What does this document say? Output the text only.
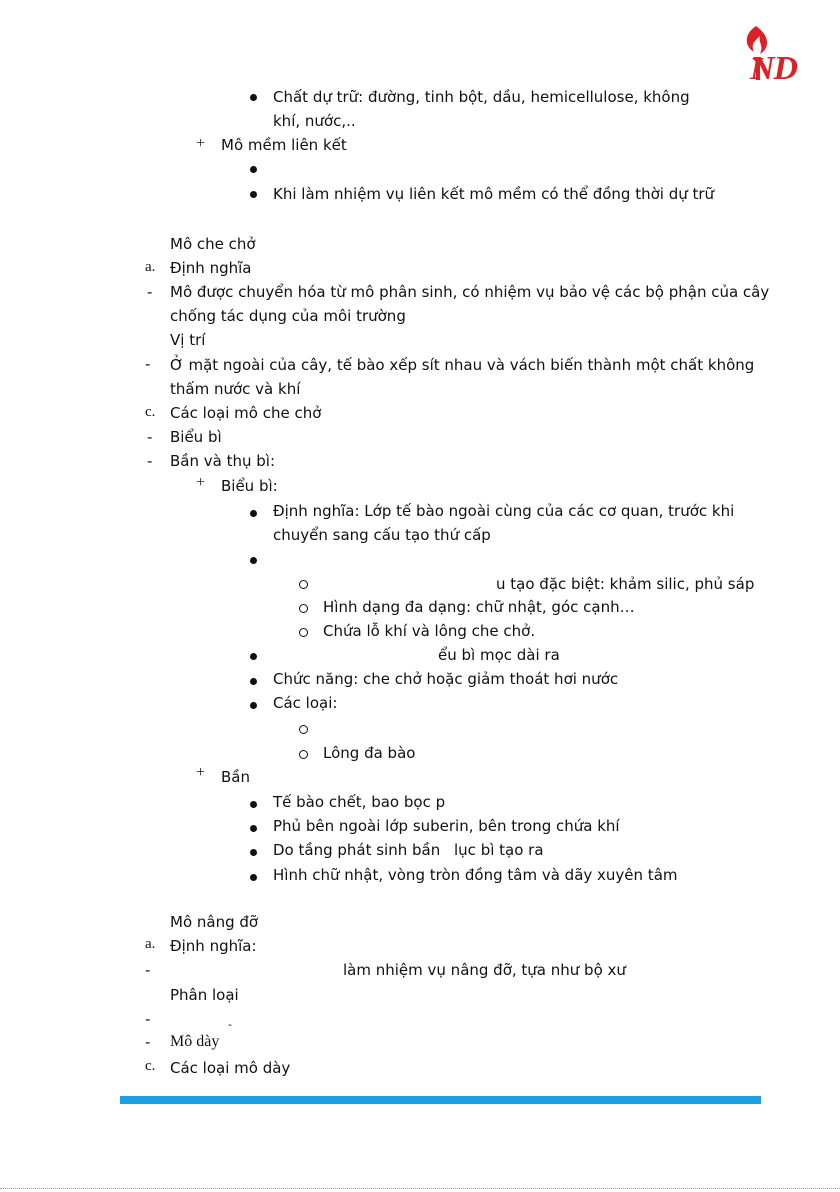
ND
Chất dự trữ: đường, tinh bột, dầu, hemicellulose, không
khí, nước,..
+ Mô mềm liên kết
Khi làm nhiệm vụ liên kết mô mềm có thể đồng thời dự trữ
Mô che chở
a. Định nghĩa
- Mô được chuyển hóa từ mô phân sinh, có nhiệm vụ bảo vệ các bộ phận của cây
chống tác dụng của môi trường
Vị trí
- Ở mặt ngoài của cây, tế bào xếp sít nhau và vách biến thành một chất không
thấm nước và khí
c. Các loại mô che chở
- Biểu bì
- Bần và thụ bì:
+ Biểu bì:
Định nghĩa: Lớp tế bào ngoài cùng của các cơ quan, trước khi
chuyển sang cấu tạo thứ cấp
u tạo đặc biệt: khảm silic, phủ sáp
Hình dạng đa dạng: chữ nhật, góc cạnh…
Chứa lỗ khí và lông che chở.
ểu bì mọc dài ra
Chức năng: che chở hoặc giảm thoát hơi nước
Các loại:
Lông đa bào
+ Bần
Tế bào chết, bao bọc p
Phủ bên ngoài lớp suberin, bên trong chứa khí
Do tầng phát sinh bần lục bì tạo ra
Hình chữ nhật, vòng tròn đồng tâm và dãy xuyên tâm
Mô nâng đỡ
a. Định nghĩa:
-	làm nhiệm vụ nâng đỡ, tựa như bộ xư
Phân loại
-	-
- Mô dày
c. Các loại mô dày
